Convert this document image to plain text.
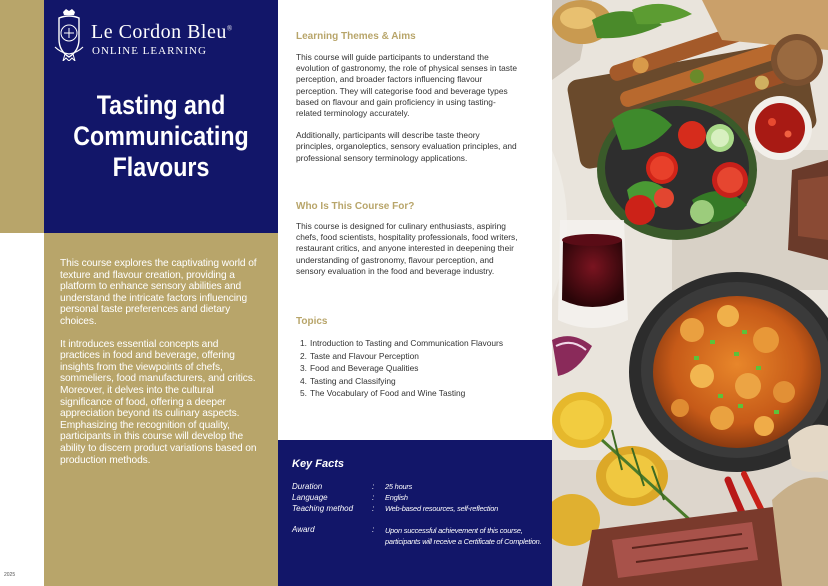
Le Cordon Bleu®
ONLINE LEARNING
Tasting and
Communicating
Flavours

This course explores the captivating world of texture and flavour creation, providing a platform to enhance sensory abilities and understand the intricate factors influencing personal taste preferences and dietary choices.

It introduces essential concepts and practices in food and beverage, offering insights from the viewpoints of chefs, sommeliers, food manufacturers, and critics. Moreover, it delves into the cultural significance of food, offering a deeper appreciation beyond its culinary aspects. Emphasizing the recognition of quality, participants in this course will develop the ability to discern product variations based on production methods.

2025
Learning Themes & Aims

This course will guide participants to understand the evolution of gastronomy, the role of physical senses in taste perception, and broader factors influencing flavour perception. They will categorise food and beverage types based on flavour and gain proficiency in using tasting-related terminology accurately.

Additionally, participants will describe taste theory principles, organoleptics, sensory evaluation principles, and professional sensory terminology applications.

Who Is This Course For?

This course is designed for culinary enthusiasts, aspiring chefs, food scientists, hospitality professionals, food writers, restaurant critics, and anyone interested in deepening their understanding of gastronomy, flavour perception, and sensory evaluation in the food and beverage industry.

Topics
1. Introduction to Tasting and Communication Flavours
2. Taste and Flavour Perception
3. Food and Beverage Qualities
4. Tasting and Classifying
5. The Vocabulary of Food and Wine Tasting
Key Facts
Duration	: 25 hours
Language	: English
Teaching method : Web-based resources, self-reflection
Award	: Upon successful achievement of this course,
participants will receive a Certificate of Completion.
